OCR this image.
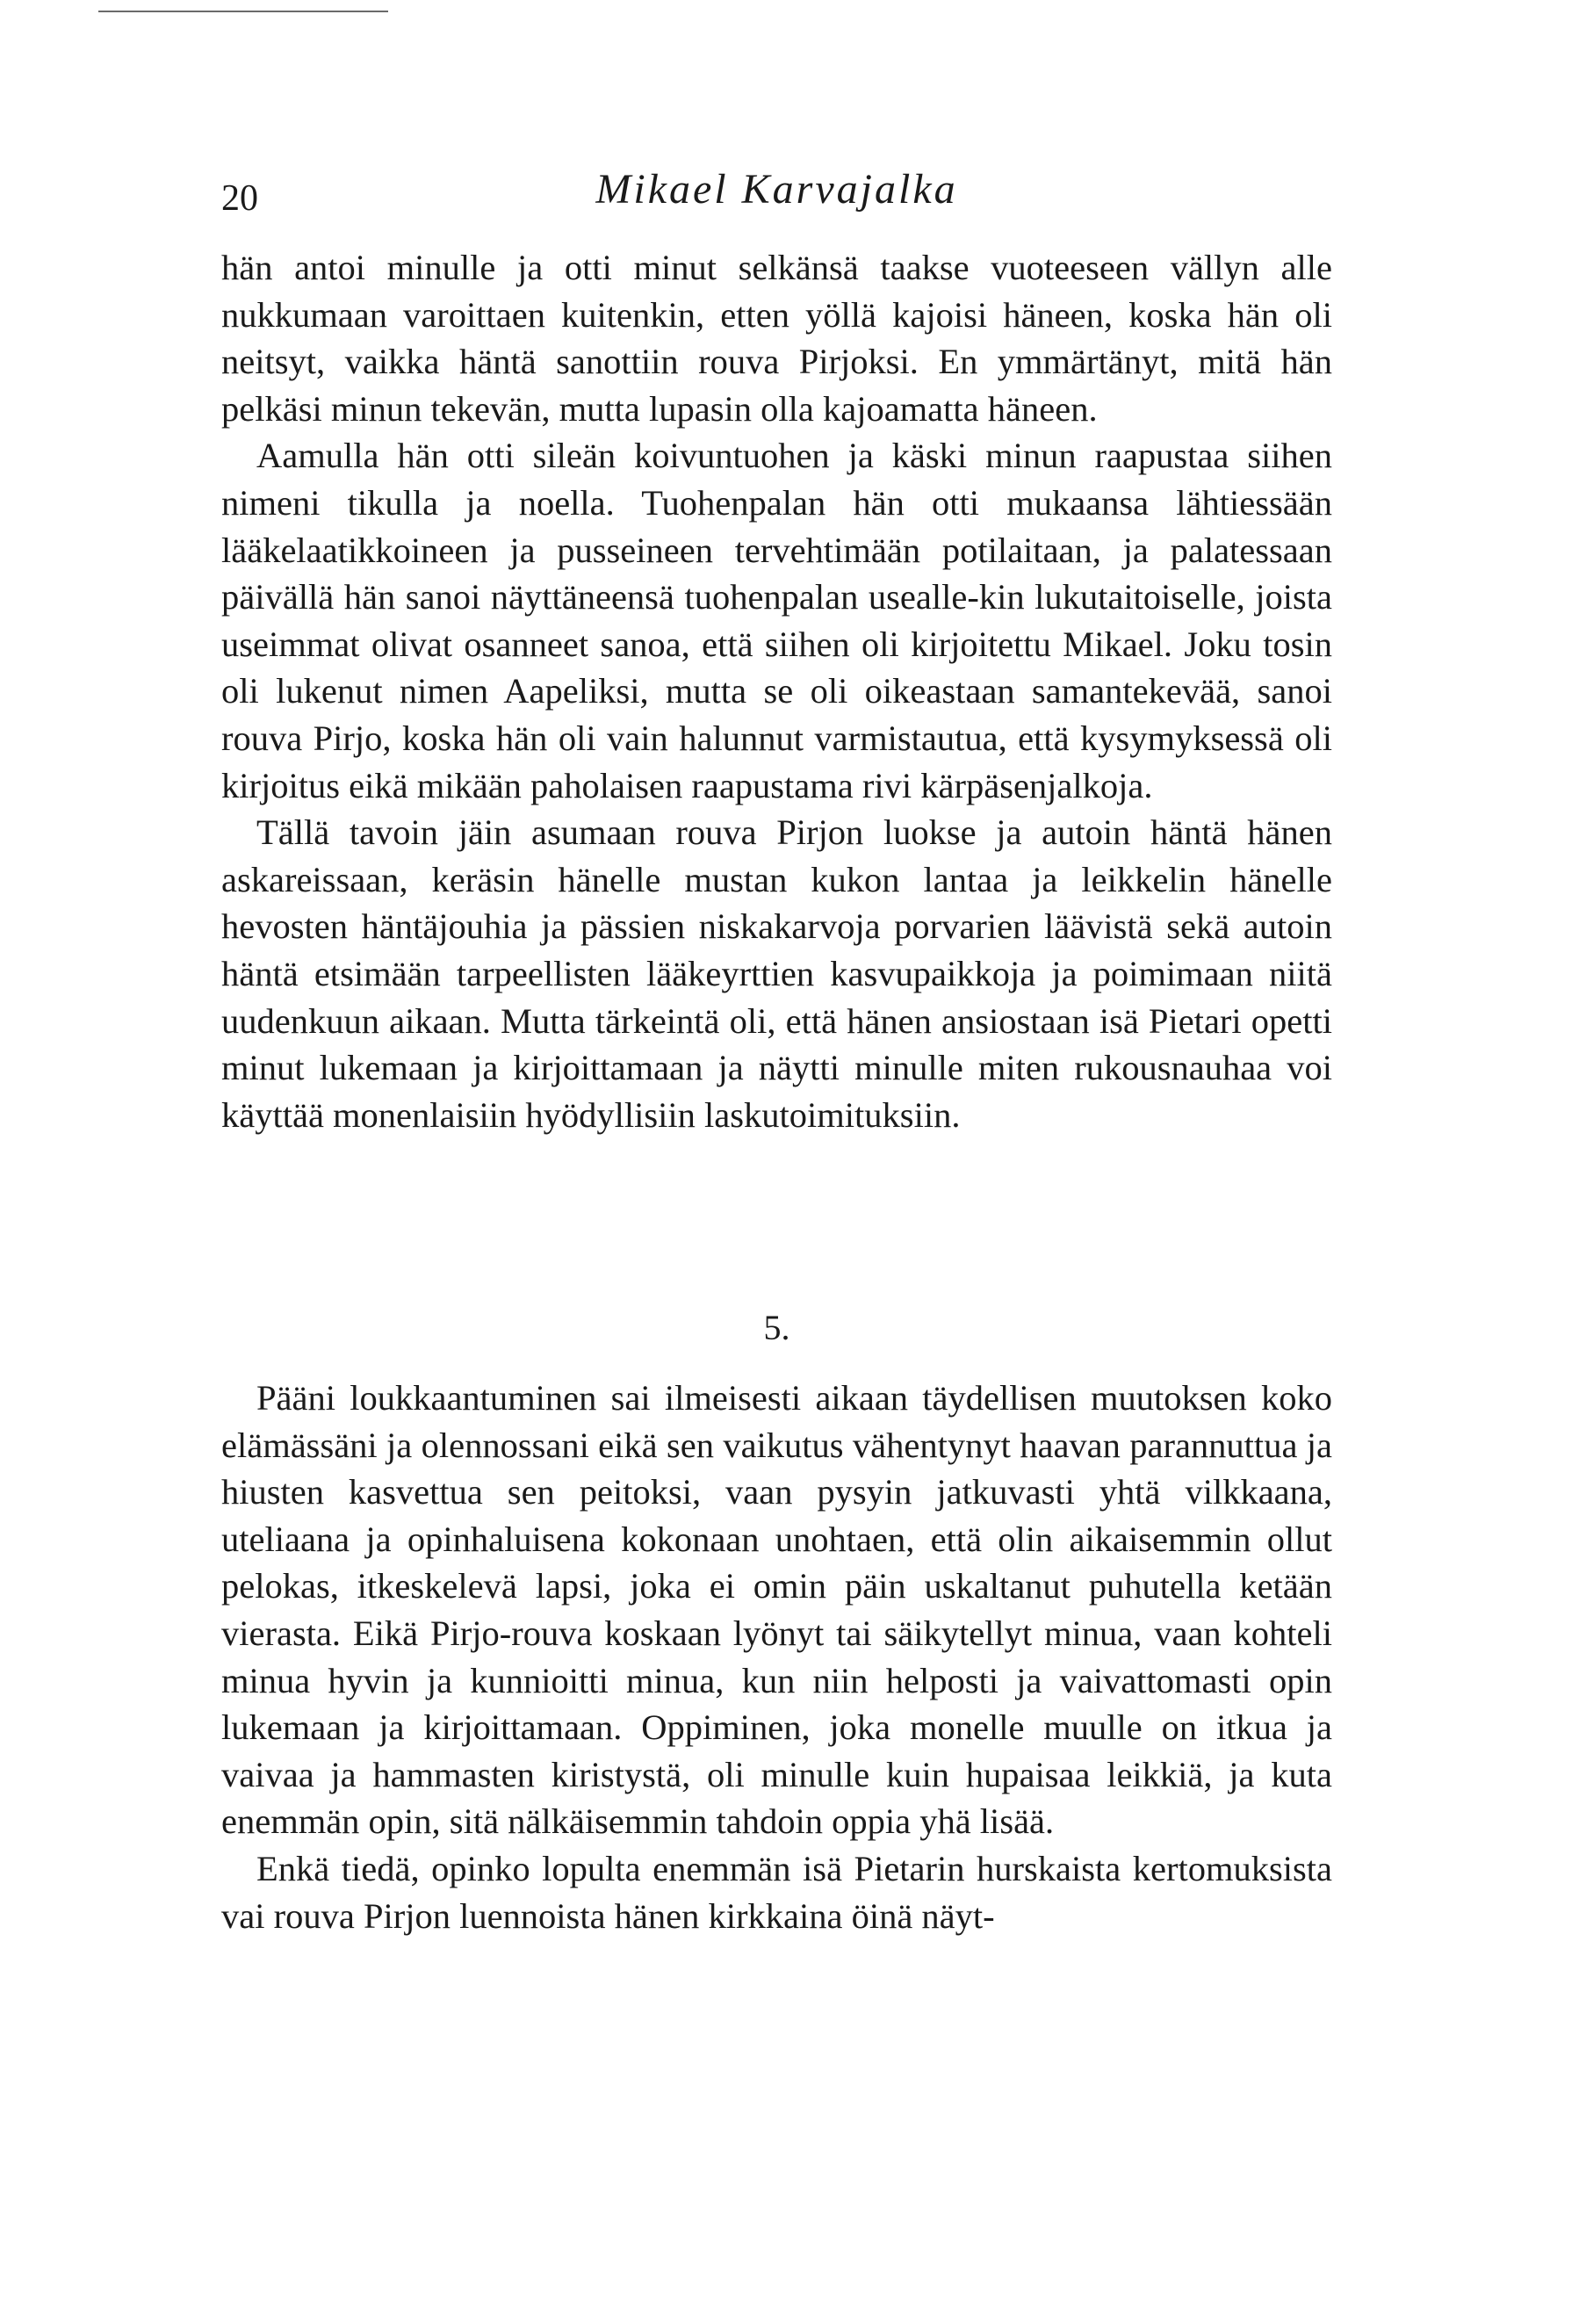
20	Mikael Karvajalka

hän antoi minulle ja otti minut selkänsä taakse vuoteeseen vällyn alle nukkumaan varoittaen kuitenkin, etten yöllä kajoisi häneen, koska hän oli neitsyt, vaikka häntä sanottiin rouva Pirjoksi. En ymmärtänyt, mitä hän pelkäsi minun tekevän, mutta lupasin olla kajoamatta häneen.

Aamulla hän otti sileän koivuntuohen ja käski minun raapustaa siihen nimeni tikulla ja noella. Tuohenpalan hän otti mukaansa lähtiessään lääkelaatikkoineen ja pusseineen tervehtimään potilaitaan, ja palatessaan päivällä hän sanoi näyttäneensä tuohenpalan usealle-kin lukutaitoiselle, joista useimmat olivat osanneet sanoa, että siihen oli kirjoitettu Mikael. Joku tosin oli lukenut nimen Aapeliksi, mutta se oli oikeastaan samantekevää, sanoi rouva Pirjo, koska hän oli vain halunnut varmistautua, että kysymyksessä oli kirjoitus eikä mikään paholaisen raapustama rivi kärpäsenjalkoja.

Tällä tavoin jäin asumaan rouva Pirjon luokse ja autoin häntä hänen askareissaan, keräsin hänelle mustan kukon lantaa ja leikkelin hänelle hevosten häntäjouhia ja pässien niskakarvoja porvarien läävistä sekä autoin häntä etsimään tarpeellisten lääkeyrttien kasvupaikkoja ja poimimaan niitä uudenkuun aikaan. Mutta tärkeintä oli, että hänen ansiostaan isä Pietari opetti minut lukemaan ja kirjoittamaan ja näytti minulle miten rukousnauhaa voi käyttää monenlaisiin hyödyllisiin laskutoimituksiin.

5.

Pääni loukkaantuminen sai ilmeisesti aikaan täydellisen muutoksen koko elämässäni ja olennossani eikä sen vaikutus vähentynyt haavan parannuttua ja hiusten kasvettua sen peitoksi, vaan pysyin jatkuvasti yhtä vilkkaana, uteliaana ja opinhaluisena kokonaan unohtaen, että olin aikaisemmin ollut pelokas, itkeskelevä lapsi, joka ei omin päin uskaltanut puhutella ketään vierasta. Eikä Pirjo-rouva koskaan lyönyt tai säikytellyt minua, vaan kohteli minua hyvin ja kunnioitti minua, kun niin helposti ja vaivattomasti opin lukemaan ja kirjoittamaan. Oppiminen, joka monelle muulle on itkua ja vaivaa ja hammasten kiristystä, oli minulle kuin hupaisaa leikkiä, ja kuta enemmän opin, sitä nälkäisemmin tahdoin oppia yhä lisää.

Enkä tiedä, opinko lopulta enemmän isä Pietarin hurskaista kertomuksista vai rouva Pirjon luennoista hänen kirkkaina öinä näyt-
